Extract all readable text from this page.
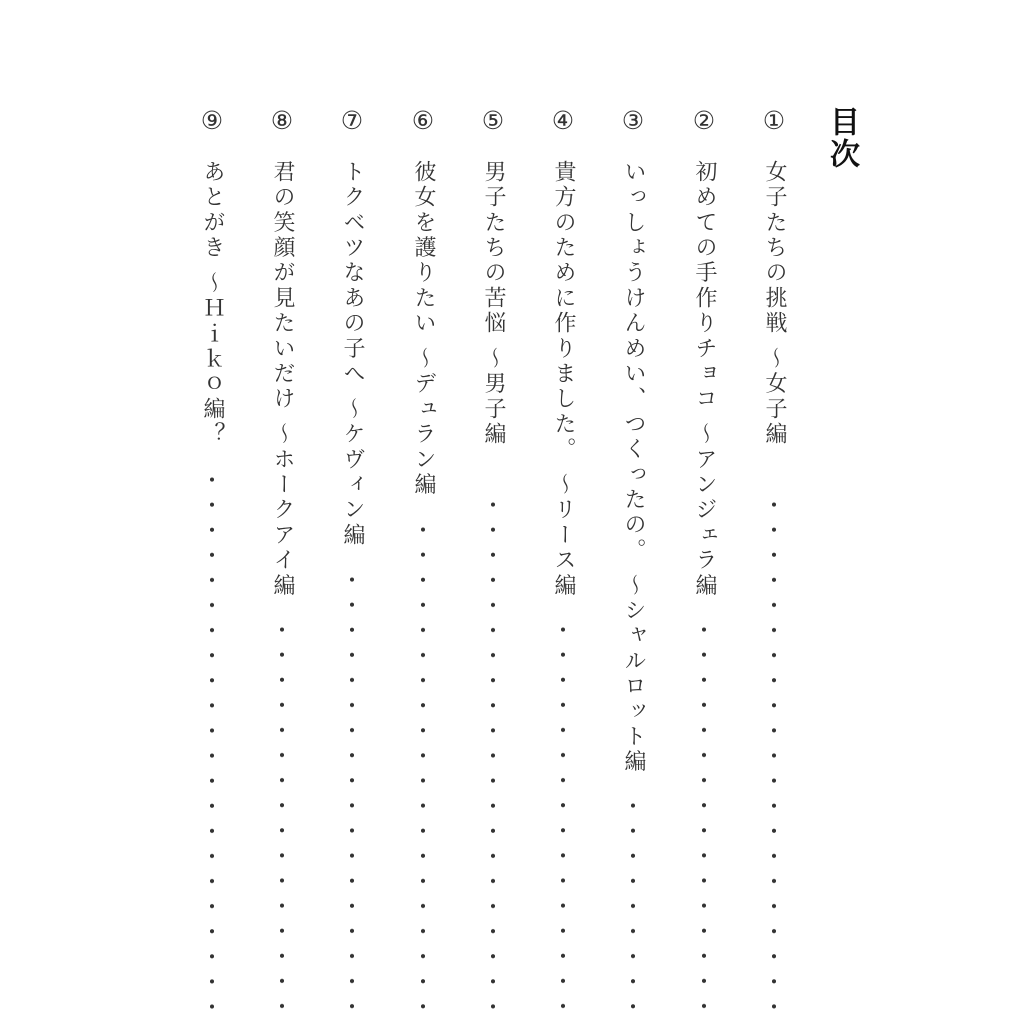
目次
①
女子たちの挑戦 ～女子編
②
初めての手作りチョコ ～アンジェラ編
③
いっしょうけんめい、つくったの。 ～シャルロット編
④
貴方のために作りました。 ～リース編
⑤
男子たちの苦悩 ～男子編
⑥
彼女を護りたい ～デュラン編
⑦
トクベツなあの子へ ～ケヴィン編
⑧
君の笑顔が見たいだけ ～ホークアイ編
⑨
あとがき ～Ｈｉｋｏ編？
